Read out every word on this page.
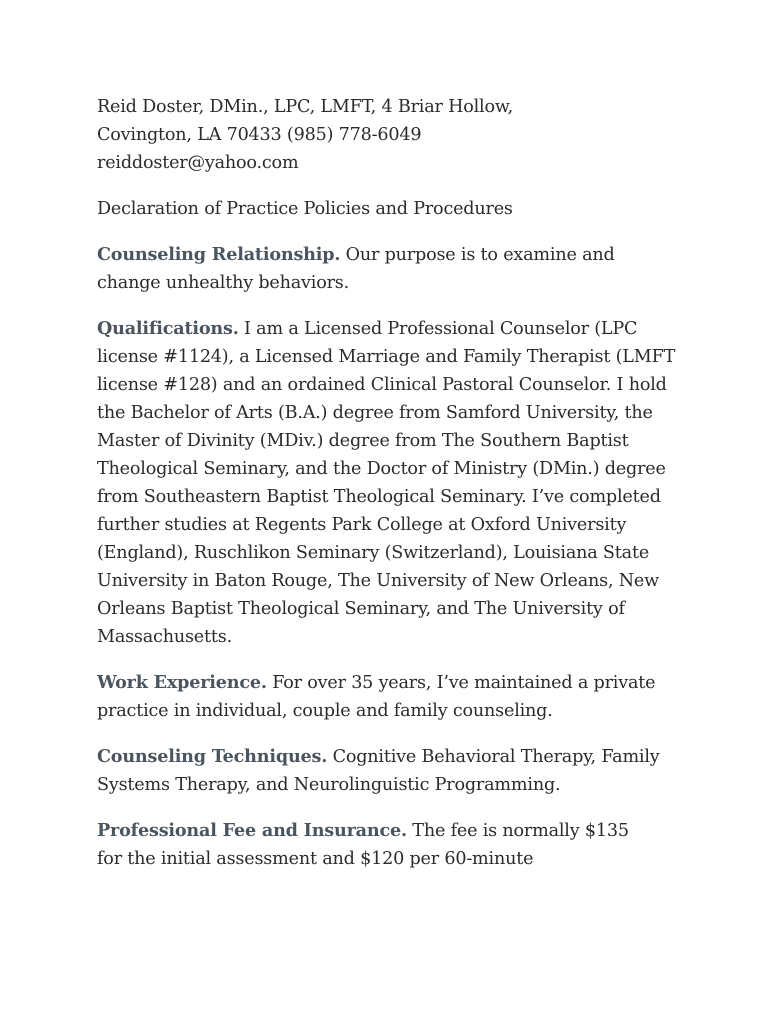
Reid Doster, DMin., LPC, LMFT, 4 Briar Hollow,

Covington, LA 70433 (985) 778-6049

reiddoster@yahoo.com

Declaration of Practice Policies and Procedures

Counseling Relationship. Our purpose is to examine and change unhealthy behaviors.

Qualifications. I am a Licensed Professional Counselor (LPC license #1124), a Licensed Marriage and Family Therapist (LMFT license #128) and an ordained Clinical Pastoral Counselor. I hold the Bachelor of Arts (B.A.) degree from Samford University, the Master of Divinity (MDiv.) degree from The Southern Baptist Theological Seminary, and the Doctor of Ministry (DMin.) degree from Southeastern Baptist Theological Seminary. I’ve completed further studies at Regents Park College at Oxford University (England), Ruschlikon Seminary (Switzerland), Louisiana State University in Baton Rouge, The University of New Orleans, New Orleans Baptist Theological Seminary, and The University of Massachusetts.

Work Experience. For over 35 years, I’ve maintained a private practice in individual, couple and family counseling.

Counseling Techniques. Cognitive Behavioral Therapy, Family Systems Therapy, and Neurolinguistic Programming.

Professional Fee and Insurance. The fee is normally $135 for the initial assessment and $120 per 60-minute
